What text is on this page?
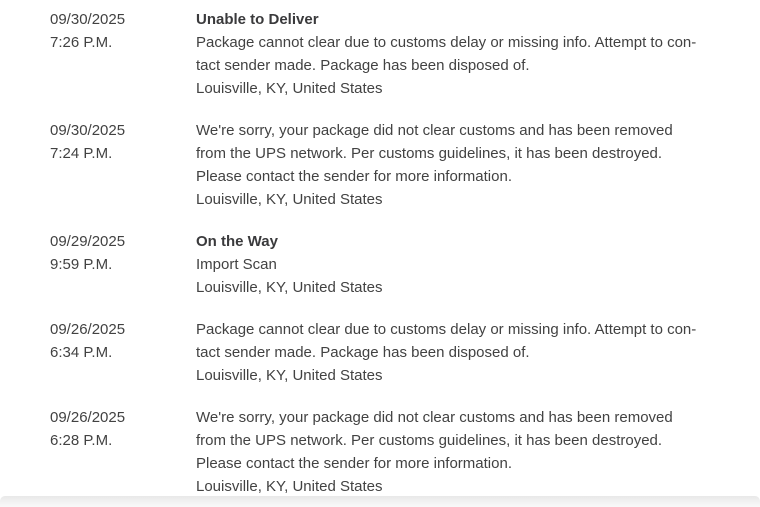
09/30/2025
7:26 P.M.
Unable to Deliver
Package cannot clear due to customs delay or missing info. Attempt to con-
tact sender made. Package has been disposed of.
Louisville, KY, United States
09/30/2025
7:24 P.M.
We're sorry, your package did not clear customs and has been removed
from the UPS network. Per customs guidelines, it has been destroyed.
Please contact the sender for more information.
Louisville, KY, United States
09/29/2025
9:59 P.M.
On the Way
Import Scan
Louisville, KY, United States
09/26/2025
6:34 P.M.
Package cannot clear due to customs delay or missing info. Attempt to con-
tact sender made. Package has been disposed of.
Louisville, KY, United States
09/26/2025
6:28 P.M.
We're sorry, your package did not clear customs and has been removed
from the UPS network. Per customs guidelines, it has been destroyed.
Please contact the sender for more information.
Louisville, KY, United States
